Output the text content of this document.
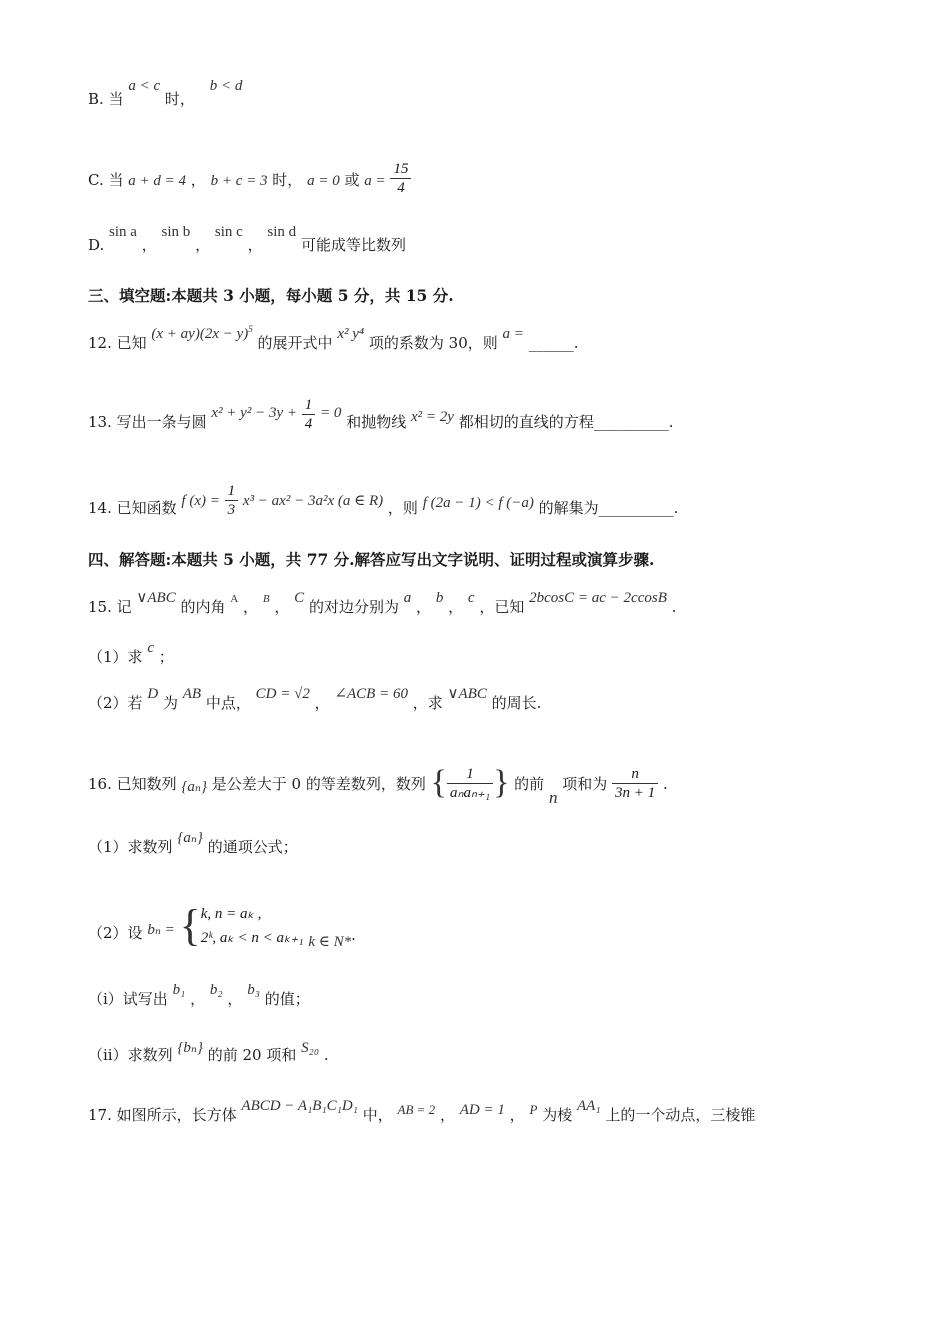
B. 当 a < c 时， b < d
C. 当 a + d = 4 ， b + c = 3 时， a = 0 或 $a = \frac{15}{4}$
D. sin a ， sin b ， sin c ， sin d 可能成等比数列
三、填空题:本题共 3 小题，每小题 5 分，共 15 分.
12. 已知 $(x + ay)(2x - y)^5$ 的展开式中 x² y⁴ 项的系数为 30，则 a = ______.
13. 写出一条与圆 $x^2 + y^2 - 3y + \frac{1}{4} = 0$ 和抛物线 x² = 2y 都相切的直线的方程__________.
14. 已知函数 f $(x) = \frac{1}{3} x^3 - ax^2 - 3a^2x$ (a ∈ R) ，则 f (2a − 1) < f (−a) 的解集为__________.
四、解答题:本题共 5 小题，共 77 分.解答应写出文字说明、证明过程或演算步骤.
15. 记 ∨ABC 的内角 $^A$ ， $^B$ ， C 的对边分别为 a ， b ， c ，已知 2bcosC = ac − 2ccosB .
（1）求 c ；
（2）若 D 为 AB 中点， CD = √2 ， ∠ACB = 60 ，求 ∨ABC 的周长.
16. 已知数列 {aₙ} 是公差大于 0 的等差数列，数列 { $\frac{1}{\text{aₙaₙ₊₁}}$ } 的前 n 项和为 $\frac{n}{3n + 1}$ .
（1）求数列 {aₙ} 的通项公式；
（2）设 bₙ = { k, n = aₖ ,
2ᵏ, aₖ < n < aₖ₊₁ k ∈ N*.
（i）试写出 b₁ ， b₂ ， b₃ 的值；
（ii）求数列 {bₙ} 的前 20 项和 S₂₀ .
17. 如图所示，长方体 ABCD − A₁B₁C₁D₁ 中， AB = 2 ， AD = 1 ， P 为棱 AA₁ 上的一个动点，三棱锥
